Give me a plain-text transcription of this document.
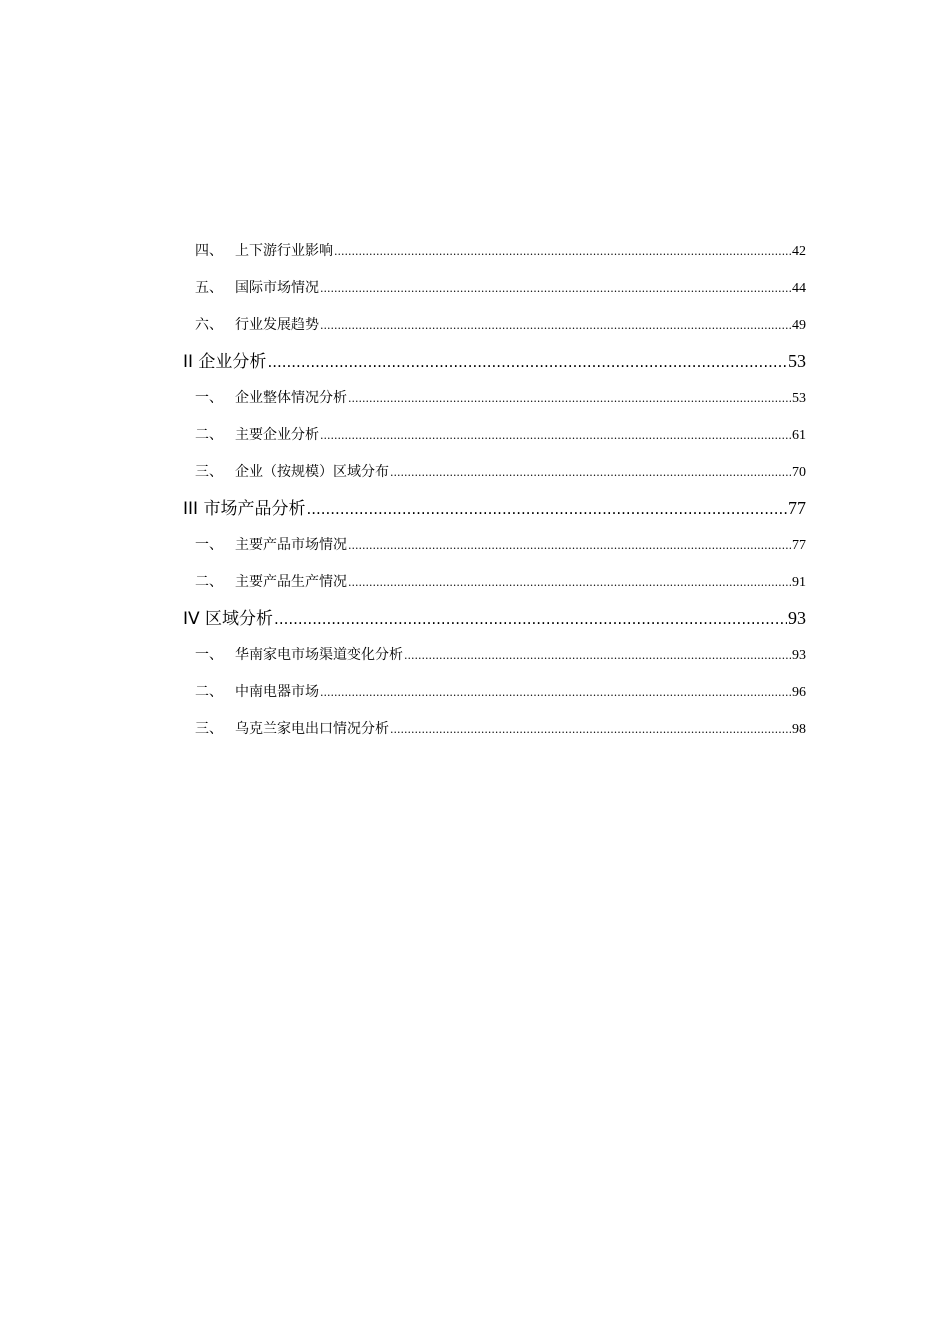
四、 上下游行业影响 .....	42
五、 国际市场情况 .....	44
六、 行业发展趋势 .....	49
II 企业分析 .....	53
一、 企业整体情况分析 .....	53
二、 主要企业分析 .....	61
三、 企业（按规模）区域分布 .....	70
III 市场产品分析 .....	77
一、 主要产品市场情况 .....	77
二、 主要产品生产情况 .....	91
IV 区域分析 .....	93
一、 华南家电市场渠道变化分析 .....	93
二、 中南电器市场 .....	96
三、 乌克兰家电出口情况分析 .....	98
